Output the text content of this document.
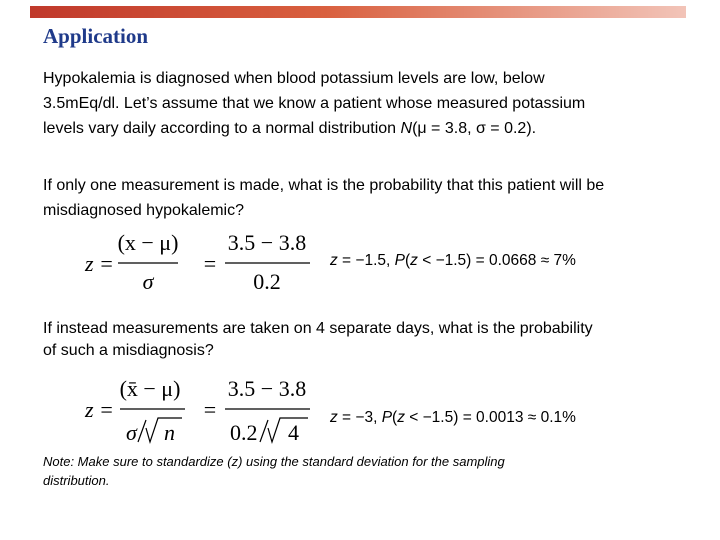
Application
Hypokalemia is diagnosed when blood potassium levels are low, below
3.5mEq/dl. Let’s assume that we know a patient whose measured potassium
levels vary daily according to a normal distribution N(μ = 3.8, σ = 0.2).
If only one measurement is made, what is the probability that this patient will be
misdiagnosed hypokalemic?
z =
(x − μ)
σ
=
3.5 − 3.8
0.2
z = −1.5, P(z < −1.5) = 0.0668 ≈ 7%
If instead measurements are taken on 4 separate days, what is the probability
of such a misdiagnosis?
z =
(x̄ − μ)
σ n
=
3.5 − 3.8
0.2 4
z = −3, P(z < −1.5) = 0.0013 ≈ 0.1%
Note: Make sure to standardize (z) using the standard deviation for the sampling
distribution.
